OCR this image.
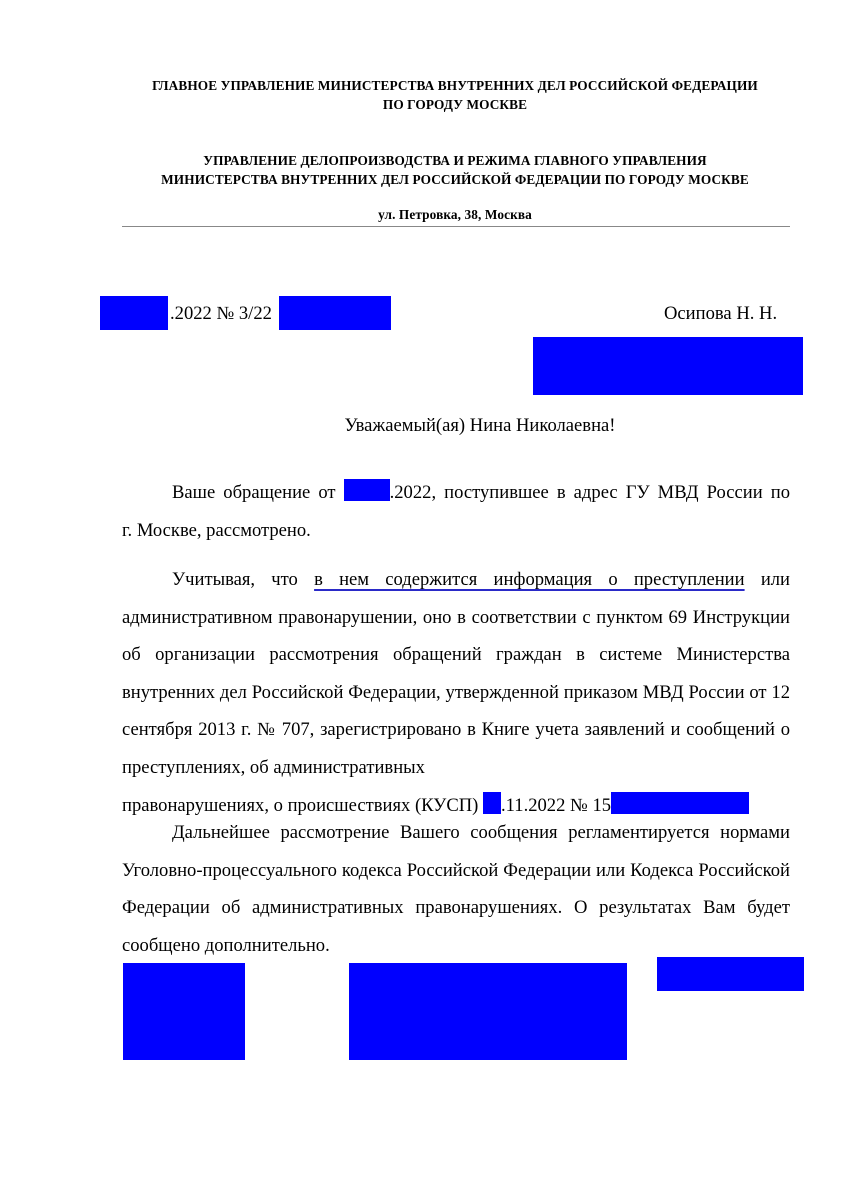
ГЛАВНОЕ УПРАВЛЕНИЕ МИНИСТЕРСТВА ВНУТРЕННИХ ДЕЛ РОССИЙСКОЙ ФЕДЕРАЦИИ
ПО ГОРОДУ МОСКВЕ
УПРАВЛЕНИЕ ДЕЛОПРОИЗВОДСТВА И РЕЖИМА ГЛАВНОГО УПРАВЛЕНИЯ
МИНИСТЕРСТВА ВНУТРЕННИХ ДЕЛ РОССИЙСКОЙ ФЕДЕРАЦИИ ПО ГОРОДУ МОСКВЕ
ул. Петровка, 38, Москва
.2022 № 3/22	Осипова Н. Н.
Уважаемый(ая) Нина Николаевна!
Ваше обращение от	.2022, поступившее в адрес ГУ МВД России по
г. Москве, рассмотрено.
Учитывая, что в нем содержится информация о преступлении или
административном правонарушении, оно в соответствии с пунктом 69 Инструкции об организации рассмотрения обращений граждан в системе Министерства внутренних дел Российской Федерации, утвержденной приказом МВД России от 12 сентября 2013 г. № 707, зарегистрировано в Книге учета заявлений и сообщений о преступлениях, об административных
правонарушениях, о происшествиях (КУСП) .11.2022 № 15
Дальнейшее рассмотрение Вашего сообщения регламентируется нормами Уголовно-процессуального кодекса Российской Федерации или Кодекса Российской Федерации об административных правонарушениях. О результатах Вам будет сообщено дополнительно.
